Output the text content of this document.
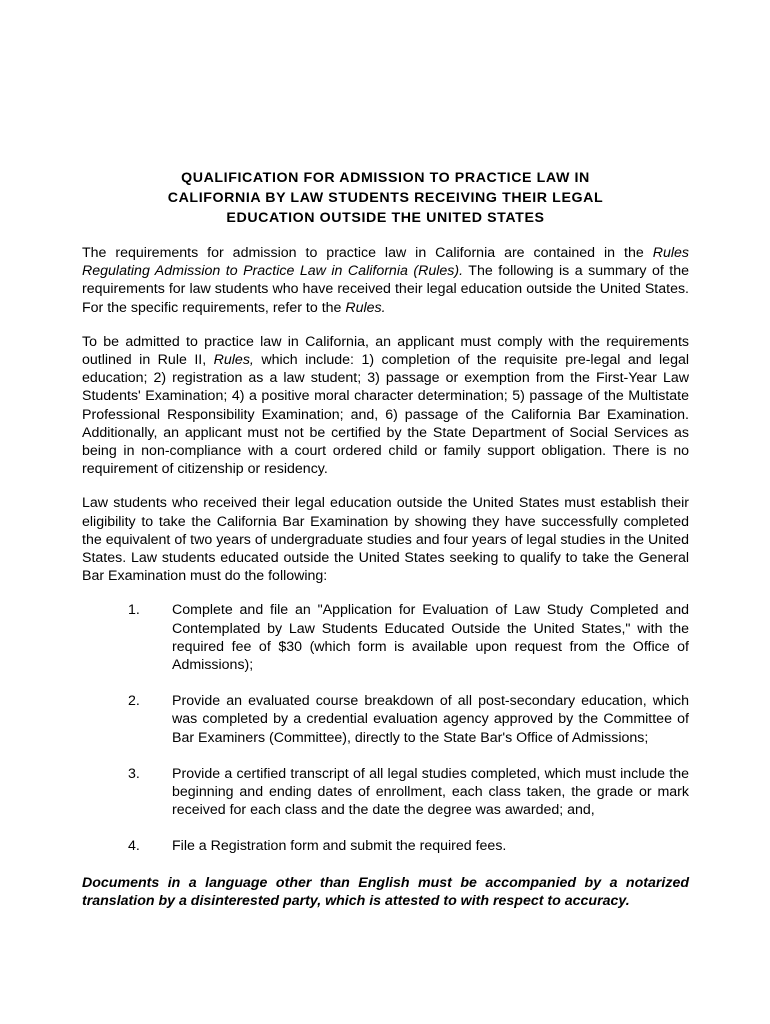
QUALIFICATION FOR ADMISSION TO PRACTICE LAW IN
CALIFORNIA BY LAW STUDENTS RECEIVING THEIR LEGAL
EDUCATION OUTSIDE THE UNITED STATES

The requirements for admission to practice law in California are contained in the Rules Regulating Admission to Practice Law in California (Rules). The following is a summary of the requirements for law students who have received their legal education outside the United States. For the specific requirements, refer to the Rules.

To be admitted to practice law in California, an applicant must comply with the requirements outlined in Rule II, Rules, which include: 1) completion of the requisite pre-legal and legal education; 2) registration as a law student; 3) passage or exemption from the First-Year Law Students' Examination; 4) a positive moral character determination; 5) passage of the Multistate Professional Responsibility Examination; and, 6) passage of the California Bar Examination. Additionally, an applicant must not be certified by the State Department of Social Services as being in non-compliance with a court ordered child or family support obligation. There is no requirement of citizenship or residency.

Law students who received their legal education outside the United States must establish their eligibility to take the California Bar Examination by showing they have successfully completed the equivalent of two years of undergraduate studies and four years of legal studies in the United States. Law students educated outside the United States seeking to qualify to take the General Bar Examination must do the following:

1.	Complete and file an "Application for Evaluation of Law Study Completed and Contemplated by Law Students Educated Outside the United States," with the required fee of $30 (which form is available upon request from the Office of Admissions);
2.	Provide an evaluated course breakdown of all post-secondary education, which was completed by a credential evaluation agency approved by the Committee of Bar Examiners (Committee), directly to the State Bar's Office of Admissions;
3.	Provide a certified transcript of all legal studies completed, which must include the beginning and ending dates of enrollment, each class taken, the grade or mark received for each class and the date the degree was awarded; and,
4.	File a Registration form and submit the required fees.

Documents in a language other than English must be accompanied by a notarized translation by a disinterested party, which is attested to with respect to accuracy.
